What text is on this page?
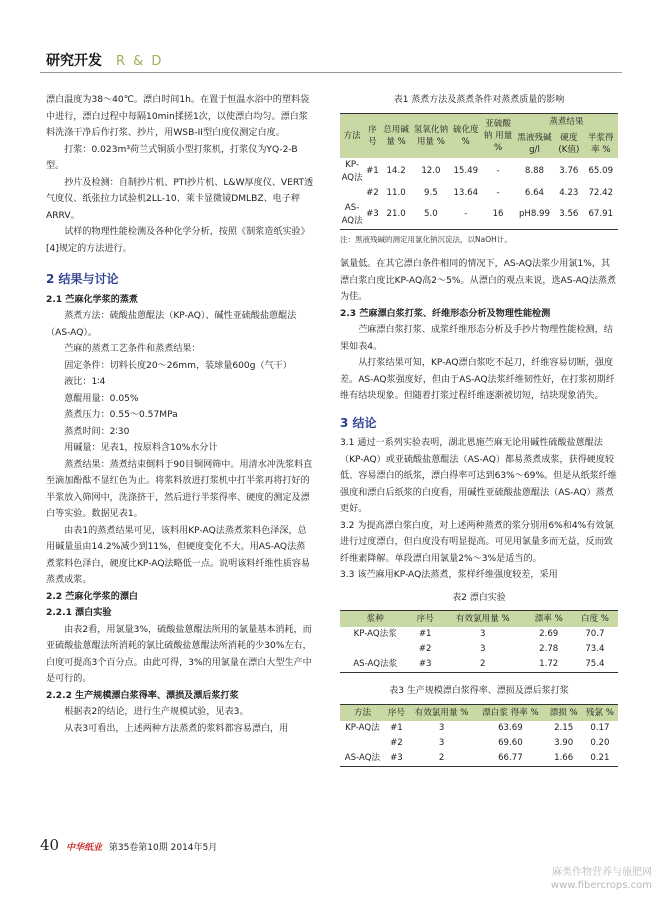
研究开发 R & D

漂白温度为38～40℃。漂白时间1h。在置于恒温水浴中的塑料袋中进行，漂白过程中每隔10min揉搓1次，以使漂白均匀。漂白浆料洗涤干净后作打浆、抄片，用WSB-II型白度仪测定白度。

打浆：0.023m³荷兰式铜质小型打浆机，打浆仪为YQ-2-B型。

抄片及检测：自制抄片机、PTI抄片机、L&W厚度仪、VERT透气度仪、纸张拉力试验机2LL-10、莱卡显微镜DMLBZ、电子秤ARRV。

试样的物理性能检测及各种化学分析，按照《制浆造纸实验》[4]规定的方法进行。

2 结果与讨论

2.1 苎麻化学浆的蒸煮

蒸煮方法：硫酸盐蒽醌法（KP-AQ）、碱性亚硫酸盐蒽醌法（AS-AQ）。

苎麻的蒸煮工艺条件和蒸煮结果：

固定条件：切料长度20～26mm，装球量600g（气干）

液比：1∶4

蒽醌用量：0.05%

蒸煮压力：0.55～0.57MPa

蒸煮时间：2∶30

用碱量：见表1，按原料含10%水分计

蒸煮结果：蒸煮结束倒料于90目铜网筛中。用清水冲洗浆料直至滴加酚酞不显红色为止。将浆料放进打浆机中打半浆再将打好的半浆放入筛网中，洗涤挤干，然后进行半浆得率、硬度的测定及漂白等实验。数据见表1。

由表1的蒸煮结果可见，该料用KP-AQ法蒸煮浆料色泽深，总用碱量虽由14.2%减少到11%，但硬度变化不大。用AS-AQ法蒸煮浆料色泽白，硬度比KP-AQ法略低一点。说明该料纤维性质容易蒸煮成浆。

2.2 苎麻化学浆的漂白

2.2.1 漂白实验

由表2看，用氯量3%，硫酸盐蒽醌法所用的氯量基本消耗，而亚硫酸盐蒽醌法所消耗的氯比硫酸盐蒽醌法所消耗的少30%左右，白度可提高3个百分点。由此可得，3%的用氯量在漂白大型生产中是可行的。

2.2.2 生产规模漂白浆得率、漂损及漂后浆打浆

根据表2的结论，进行生产规模试验，见表3。

从表3可看出，上述两种方法蒸煮的浆料都容易漂白，用

表1 蒸煮方法及蒸煮条件对蒸煮质量的影响
方法	序号	总用碱量 %	氢氧化钠 用量 %	硫化度 %	亚硫酸钠 用量 %	蒸煮结果		
						黑液残碱 g/l	硬度 (K值)	半浆得率 %
KP-AQ法	#1	14.2	12.0	15.49	-	8.88	3.76	65.09
	#2	11.0	9.5	13.64	-	6.64	4.23	72.42
AS-AQ法	#3	21.0	5.0	-	16	pH8.99	3.56	67.91
注：黑液残碱的测定用氯化钠沉淀法，以NaOH计。

氯量低。在其它漂白条件相同的情况下，AS-AQ法浆少用氯1%，其漂白浆白度比KP-AQ高2～5%。从漂白的观点来说，选AS-AQ法蒸煮为佳。

2.3 苎麻漂白浆打浆、纤维形态分析及物理性能检测

苎麻漂白浆打浆、成浆纤维形态分析及手抄片物理性能检测，结果如表4。

从打浆结果可知，KP-AQ漂白浆吃不起刀，纤维容易切断，强度差。AS-AQ浆强度好，但由于AS-AQ法浆纤维韧性好，在打浆初期纤维有结块现象。但随着打浆过程纤维逐渐被切短，结块现象消失。

3 结论

3.1 通过一系列实验表明，湖北恩施苎麻无论用碱性硫酸盐蒽醌法（KP-AQ）或亚硫酸盐蒽醌法（AS-AQ）都易蒸煮成浆，获得硬度较低、容易漂白的纸浆，漂白得率可达到63%～69%。但是从纸浆纤维强度和漂白后纸浆的白度看，用碱性亚硫酸盐蒽醌法（AS-AQ）蒸煮更好。

3.2 为提高漂白浆白度，对上述两种蒸煮的浆分别用6%和4%有效氯进行过度漂白，但白度没有明显提高。可见用氯量多而无益，反而致纤维素降解。单段漂白用氯量2%～3%是适当的。

3.3 该苎麻用KP-AQ法蒸煮，浆样纤维强度较差，采用

表2 漂白实验
浆种	序号	有效氯用量 %	漂率 %	白度 %
KP-AQ法浆	#1	3	2.69	70.7
	#2	3	2.78	73.4
AS-AQ法浆	#3	2	1.72	75.4
表3 生产规模漂白浆得率、漂损及漂后浆打浆
方法	序号	有效氯用量 %	漂白浆 得率 %	漂损 %	残氯 %
KP-AQ法	#1	3	63.69	2.15	0.17
	#2	3	69.60	3.90	0.20
AS-AQ法	#3	2	66.77	1.66	0.21
40 中华纸业 第35卷第10期 2014年5月
麻类作物营养与施肥网
www.fibercrops.com
